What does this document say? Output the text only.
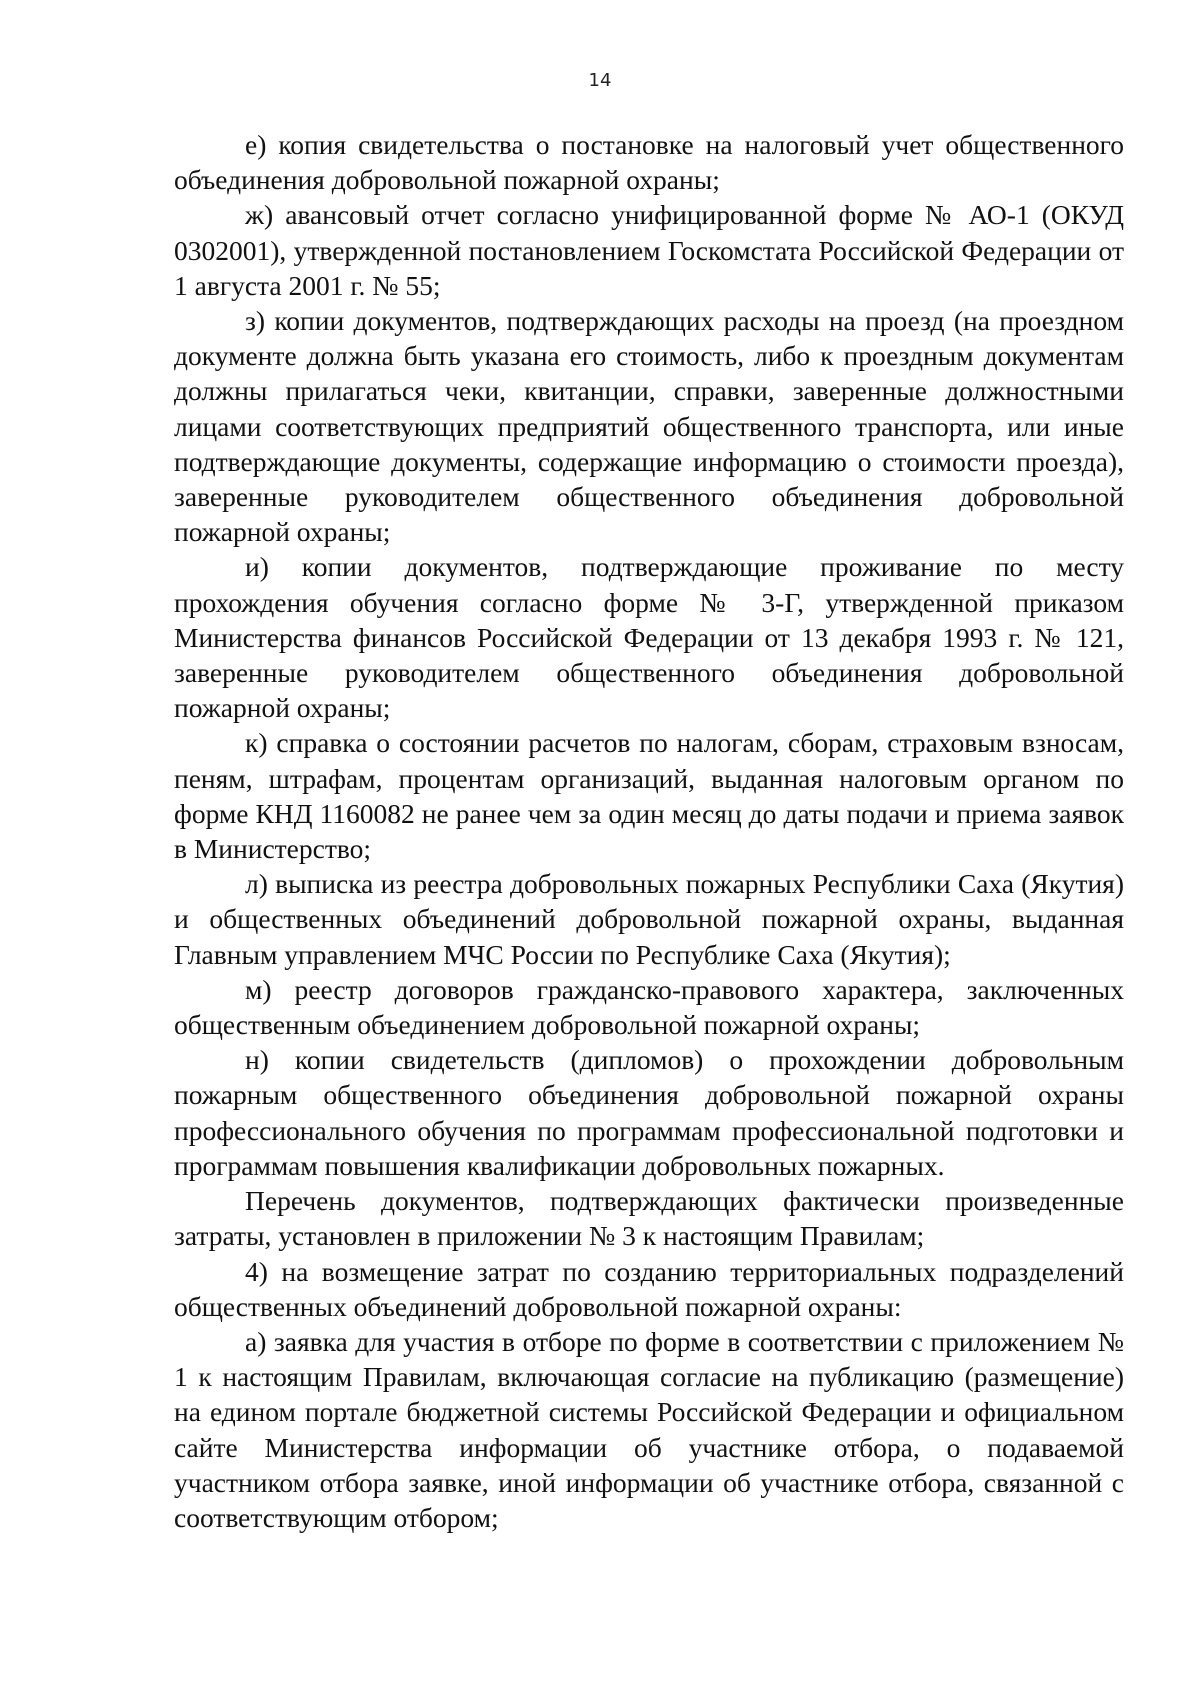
14

е) копия свидетельства о постановке на налоговый учет общественного объединения добровольной пожарной охраны;

ж) авансовый отчет согласно унифицированной форме № АО-1 (ОКУД 0302001), утвержденной постановлением Госкомстата Российской Федерации от 1 августа 2001 г. № 55;

з) копии документов, подтверждающих расходы на проезд (на проездном документе должна быть указана его стоимость, либо к проездным документам должны прилагаться чеки, квитанции, справки, заверенные должностными лицами соответствующих предприятий общественного транспорта, или иные подтверждающие документы, содержащие информацию о стоимости проезда), заверенные руководителем общественного объединения добровольной пожарной охраны;

и) копии документов, подтверждающие проживание по месту прохождения обучения согласно форме № 3-Г, утвержденной приказом Министерства финансов Российской Федерации от 13 декабря 1993 г. № 121, заверенные руководителем общественного объединения добровольной пожарной охраны;

к) справка о состоянии расчетов по налогам, сборам, страховым взносам, пеням, штрафам, процентам организаций, выданная налоговым органом по форме КНД 1160082 не ранее чем за один месяц до даты подачи и приема заявок в Министерство;

л) выписка из реестра добровольных пожарных Республики Саха (Якутия) и общественных объединений добровольной пожарной охраны, выданная Главным управлением МЧС России по Республике Саха (Якутия);

м) реестр договоров гражданско-правового характера, заключенных общественным объединением добровольной пожарной охраны;

н) копии свидетельств (дипломов) о прохождении добровольным пожарным общественного объединения добровольной пожарной охраны профессионального обучения по программам профессиональной подготовки и программам повышения квалификации добровольных пожарных.

Перечень документов, подтверждающих фактически произведенные затраты, установлен в приложении № 3 к настоящим Правилам;

4) на возмещение затрат по созданию территориальных подразделений общественных объединений добровольной пожарной охраны:

а) заявка для участия в отборе по форме в соответствии с приложением № 1 к настоящим Правилам, включающая согласие на публикацию (размещение) на едином портале бюджетной системы Российской Федерации и официальном сайте Министерства информации об участнике отбора, о подаваемой участником отбора заявке, иной информации об участнике отбора, связанной с соответствующим отбором;
